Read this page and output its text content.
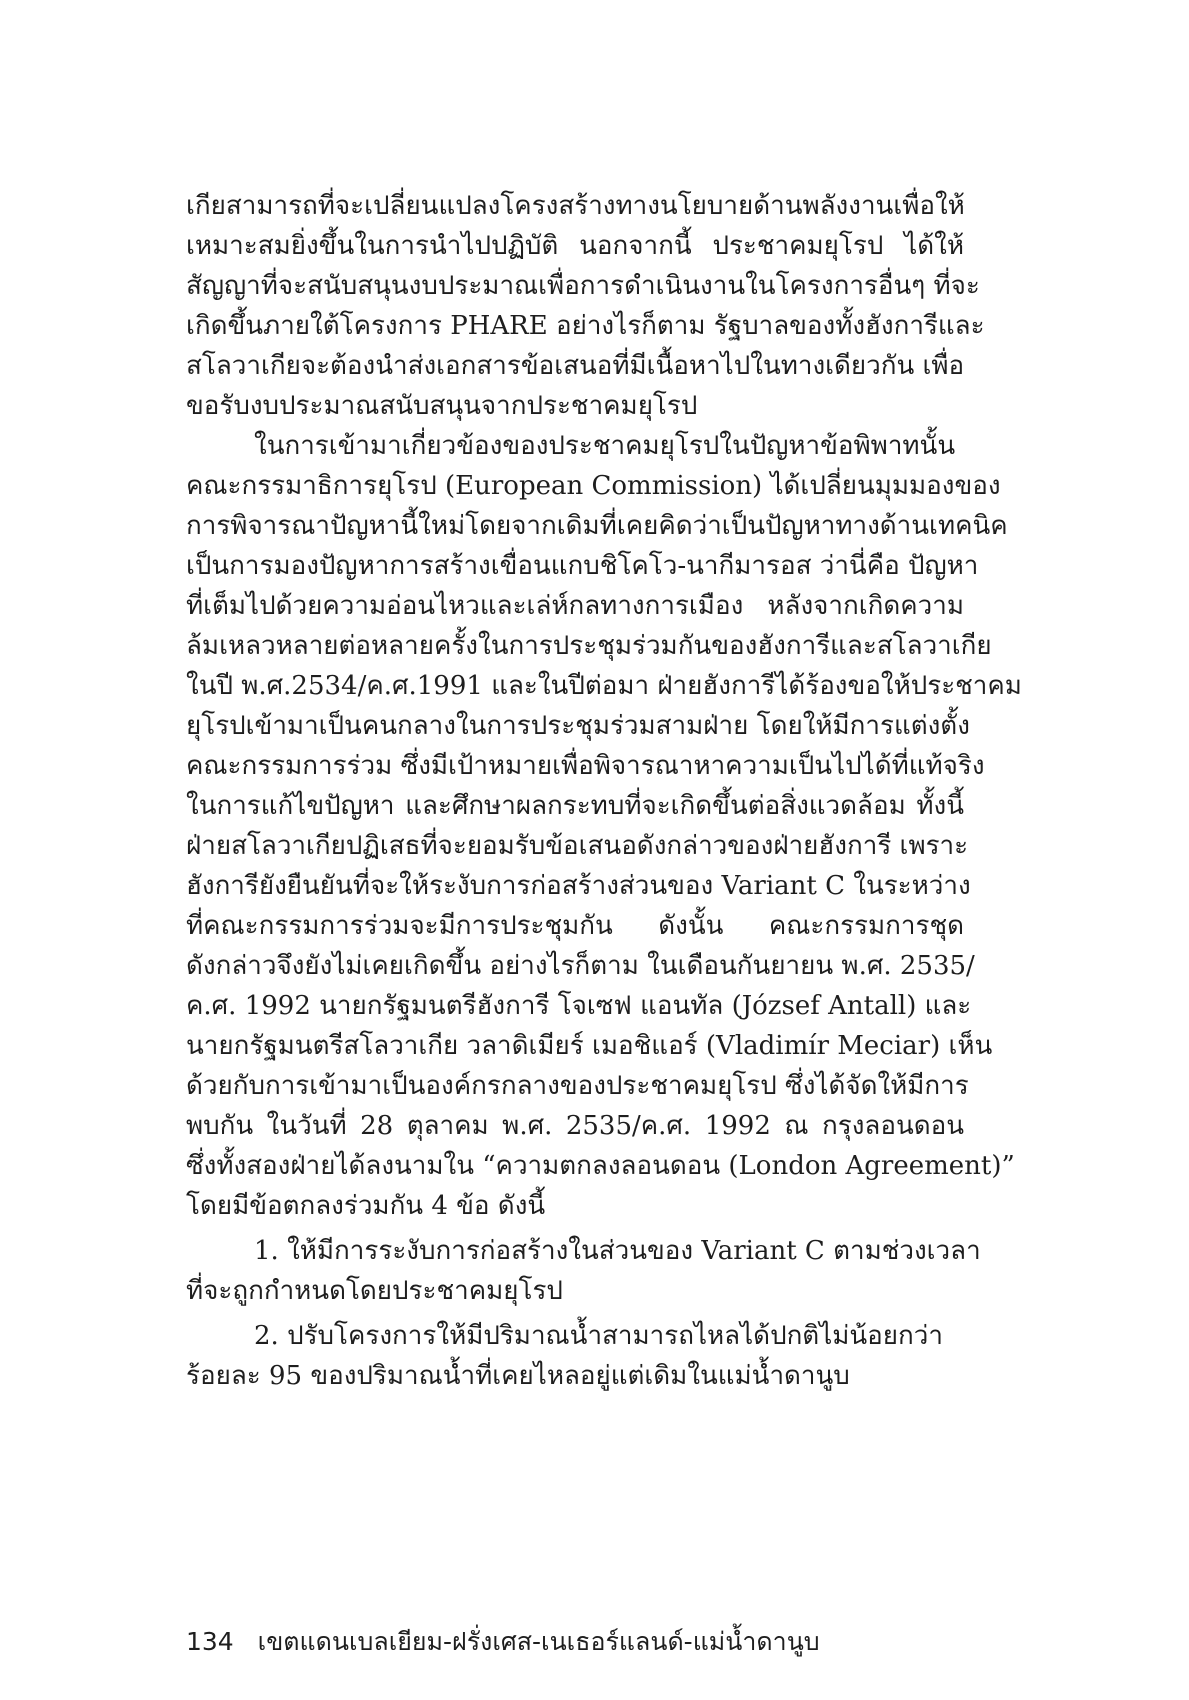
เกียสามารถที่จะเปลี่ยนแปลงโครงสร้างทางนโยบายด้านพลังงานเพื่อให้
เหมาะสมยิ่งขึ้นในการนำไปปฏิบัติ นอกจากนี้ ประชาคมยุโรป ได้ให้
สัญญาที่จะสนับสนุนงบประมาณเพื่อการดำเนินงานในโครงการอื่นๆ ที่จะ
เกิดขึ้นภายใต้โครงการ PHARE อย่างไรก็ตาม รัฐบาลของทั้งฮังการีและ
สโลวาเกียจะต้องนำส่งเอกสารข้อเสนอที่มีเนื้อหาไปในทางเดียวกัน เพื่อ
ขอรับงบประมาณสนับสนุนจากประชาคมยุโรป
ในการเข้ามาเกี่ยวข้องของประชาคมยุโรปในปัญหาข้อพิพาทนั้น
คณะกรรมาธิการยุโรป (European Commission) ได้เปลี่ยนมุมมองของ
การพิจารณาปัญหานี้ใหม่โดยจากเดิมที่เคยคิดว่าเป็นปัญหาทางด้านเทคนิค
เป็นการมองปัญหาการสร้างเขื่อนแกบชิโคโว-นากีมารอส ว่านี่คือ ปัญหา
ที่เต็มไปด้วยความอ่อนไหวและเล่ห์กลทางการเมือง หลังจากเกิดความ
ล้มเหลวหลายต่อหลายครั้งในการประชุมร่วมกันของฮังการีและสโลวาเกีย
ในปี พ.ศ.2534/ค.ศ.1991 และในปีต่อมา ฝ่ายฮังการีได้ร้องขอให้ประชาคม
ยุโรปเข้ามาเป็นคนกลางในการประชุมร่วมสามฝ่าย โดยให้มีการแต่งตั้ง
คณะกรรมการร่วม ซึ่งมีเป้าหมายเพื่อพิจารณาหาความเป็นไปได้ที่แท้จริง
ในการแก้ไขปัญหา และศึกษาผลกระทบที่จะเกิดขึ้นต่อสิ่งแวดล้อม ทั้งนี้
ฝ่ายสโลวาเกียปฏิเสธที่จะยอมรับข้อเสนอดังกล่าวของฝ่ายฮังการี เพราะ
ฮังการียังยืนยันที่จะให้ระงับการก่อสร้างส่วนของ Variant C ในระหว่าง
ที่คณะกรรมการร่วมจะมีการประชุมกัน ดังนั้น คณะกรรมการชุด
ดังกล่าวจึงยังไม่เคยเกิดขึ้น อย่างไรก็ตาม ในเดือนกันยายน พ.ศ. 2535/
ค.ศ. 1992 นายกรัฐมนตรีฮังการี โจเซฟ แอนทัล (József Antall) และ
นายกรัฐมนตรีสโลวาเกีย วลาดิเมียร์ เมอชิแอร์ (Vladimír Meciar) เห็น
ด้วยกับการเข้ามาเป็นองค์กรกลางของประชาคมยุโรป ซึ่งได้จัดให้มีการ
พบกัน ในวันที่ 28 ตุลาคม พ.ศ. 2535/ค.ศ. 1992 ณ กรุงลอนดอน
ซึ่งทั้งสองฝ่ายได้ลงนามใน “ความตกลงลอนดอน (London Agreement)”
โดยมีข้อตกลงร่วมกัน 4 ข้อ ดังนี้
1. ให้มีการระงับการก่อสร้างในส่วนของ Variant C ตามช่วงเวลา
ที่จะถูกกำหนดโดยประชาคมยุโรป
2. ปรับโครงการให้มีปริมาณน้ำสามารถไหลได้ปกติไม่น้อยกว่า
ร้อยละ 95 ของปริมาณน้ำที่เคยไหลอยู่แต่เดิมในแม่น้ำดานูบ
134 เขตแดนเบลเยียม-ฝรั่งเศส-เนเธอร์แลนด์-แม่น้ำดานูบ
